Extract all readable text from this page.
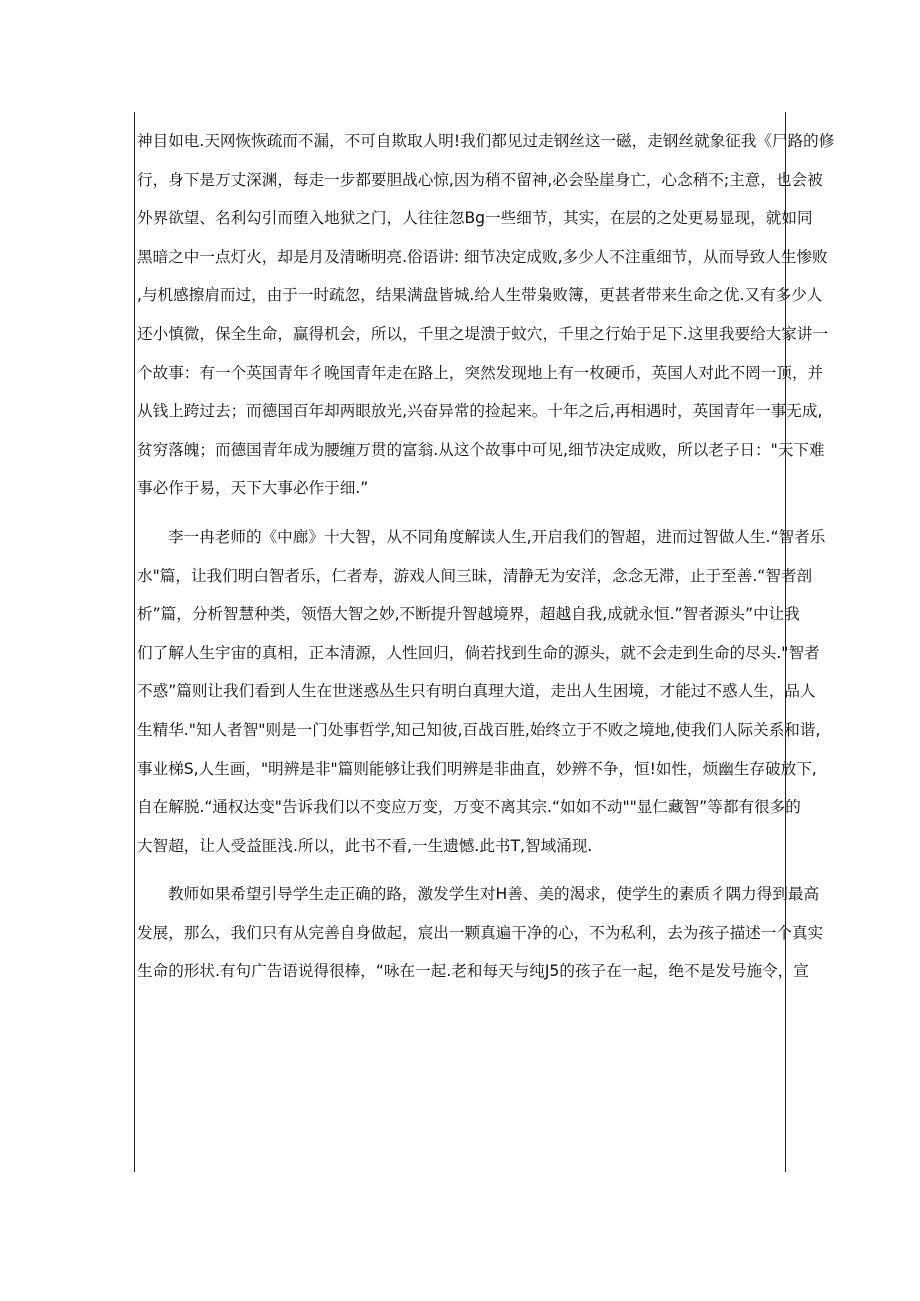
神目如电.天网恢恢疏而不漏，不可自欺取人明!我们都见过走钢丝这一磁，走钢丝就象征我《尸路的修
行，身下是万丈深渊，每走一步都要胆战心惊,因为稍不留神,必会坠崖身亡，心念稍不;主意，也会被
外界欲望、名利勾引而堕入地狱之门，人往往忽Bg一些细节，其实，在层的之处更易显现，就如同
黑暗之中一点灯火，却是月及清晰明亮.俗语讲: 细节决定成败,多少人不注重细节，从而导致人生惨败
,与机感擦肩而过，由于一时疏忽，结果满盘皆城.给人生带枭败簿，更甚者带来生命之优.又有多少人
还小慎微，保全生命，赢得机会，所以，千里之堤溃于蚊穴，千里之行始于足下.这里我要给大家讲一
个故事：有一个英国青年彳晚国青年走在路上，突然发现地上有一枚硬币，英国人对此不罔一顶，并
从钱上跨过去；而德国百年却两眼放光,兴奋异常的捡起来。十年之后,再相遇时，英国青年一事无成,
贫穷落魄；而德国青年成为腰缠万贯的富翁.从这个故事中可见,细节决定成败，所以老子日："天下难
事必作于易，天下大事必作于细.”
李一冉老师的《中廊》十大智，从不同角度解读人生,开启我们的智超，进而过智做人生.“智者乐
水"篇，让我们明白智者乐，仁者寿，游戏人间三昧，清静无为安洋，念念无滞，止于至善.“智者剖
析”篇，分析智慧种类，领悟大智之妙,不断提升智越境界，超越自我,成就永恒.”智者源头”中让我
们了解人生宇宙的真相，正本清源，人性回归，倘若找到生命的源头，就不会走到生命的尽头."智者
不惑”篇则让我们看到人生在世迷惑丛生只有明白真理大道，走出人生困境，才能过不惑人生，品人
生精华."知人者智"则是一门处事哲学,知己知彼,百战百胜,始终立于不败之境地,使我们人际关系和谐,
事业梯S,人生画，"明辨是非"篇则能够让我们明辨是非曲直，妙辨不争，恒!如性，烦幽生存破放下,
自在解脱.“通权达变"告诉我们以不变应万变，万变不离其宗.“如如不动""显仁藏智”等都有很多的
大智超，让人受益匪浅.所以，此书不看,一生遗憾.此书T,智域涌现.
教师如果希望引导学生走正确的路，激发学生对H善、美的渴求，使学生的素质彳隅力得到最高
发展，那么，我们只有从完善自身做起，宸出一颗真遍干净的心，不为私利，去为孩子描述一个真实
生命的形状.有句广告语说得很棒，“咏在一起.老和每天与纯J5的孩子在一起，绝不是发号施令，宣
